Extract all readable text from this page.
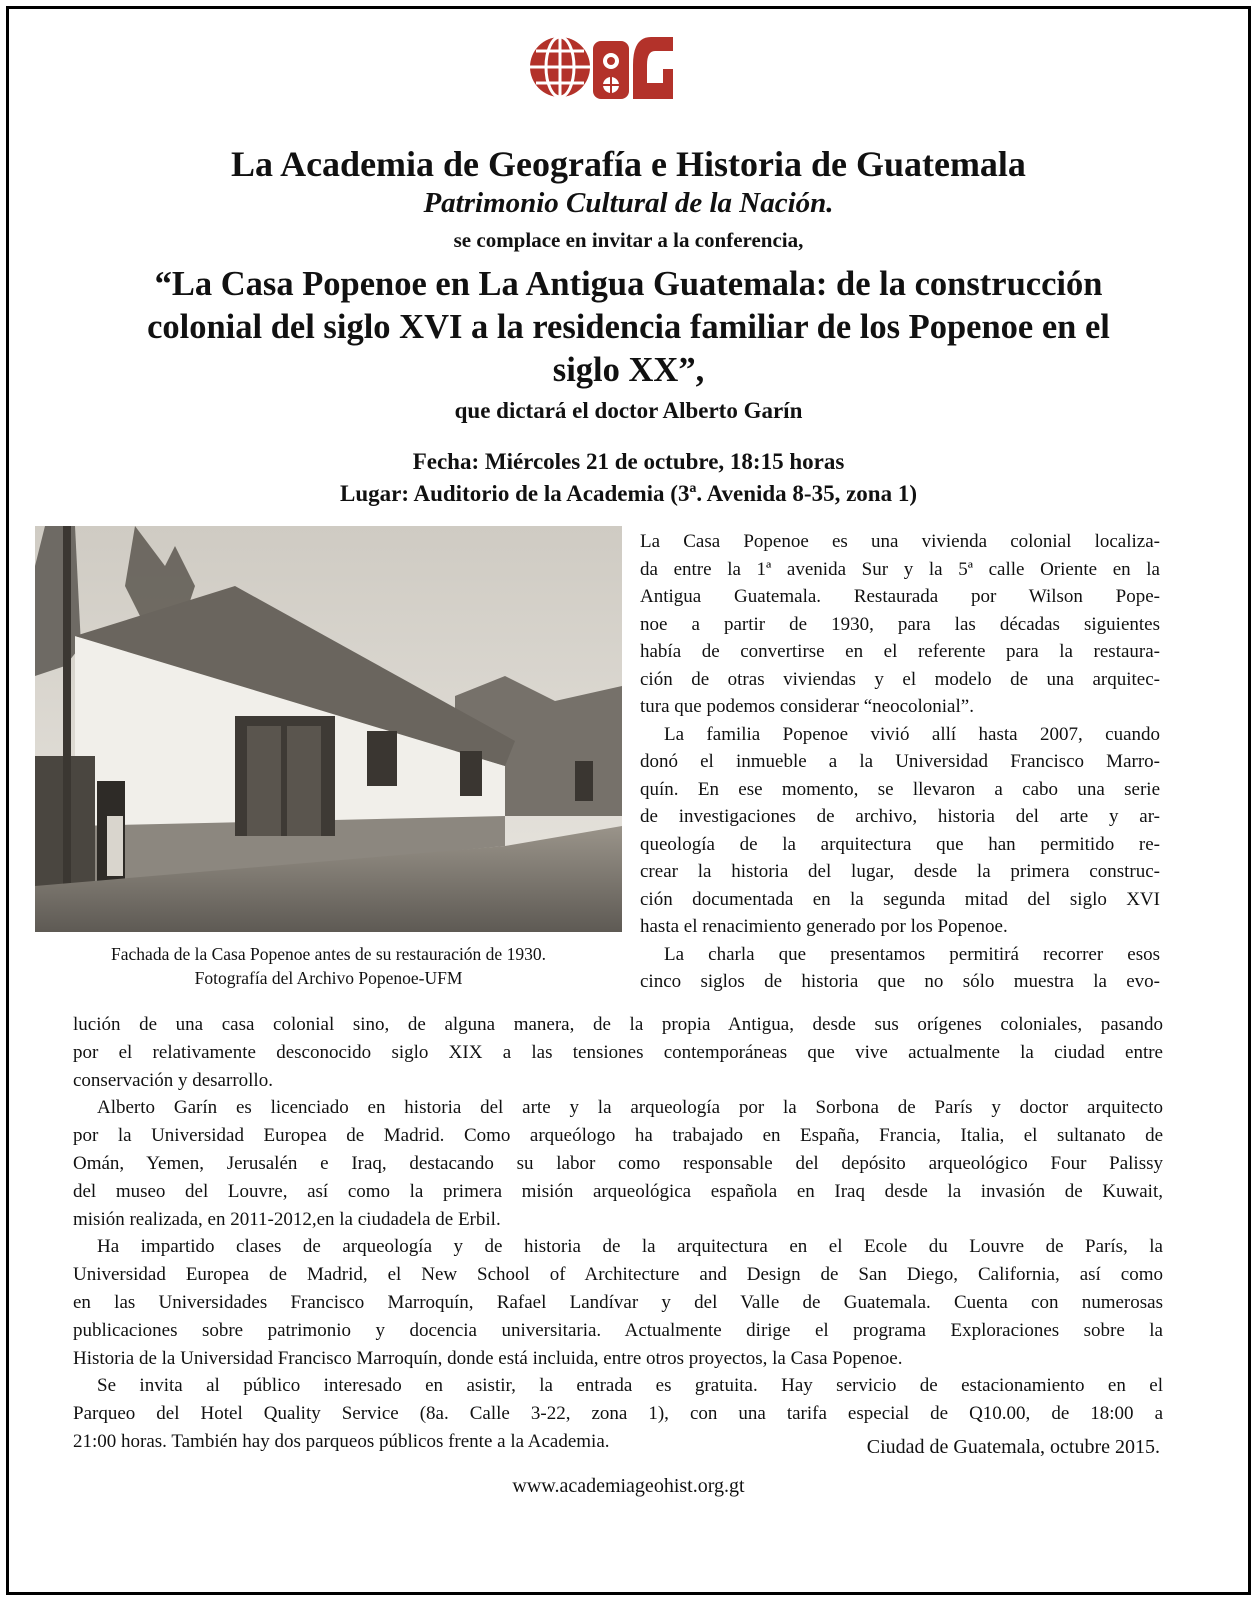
La Academia de Geografía e Historia de Guatemala
Patrimonio Cultural de la Nación.
se complace en invitar a la conferencia,
“La Casa Popenoe en La Antigua Guatemala: de la construcción
colonial del siglo XVI a la residencia familiar de los Popenoe en el
siglo XX”,
que dictará el doctor Alberto Garín
Fecha: Miércoles 21 de octubre, 18:15 horas
Lugar: Auditorio de la Academia (3ª. Avenida 8-35, zona 1)
Fachada de la Casa Popenoe antes de su restauración de 1930.
Fotografía del Archivo Popenoe-UFM

La Casa Popenoe es una vivienda colonial localiza-

da entre la 1ª avenida Sur y la 5ª calle Oriente en la

Antigua Guatemala. Restaurada por Wilson Pope-

noe a partir de 1930, para las décadas siguientes

había de convertirse en el referente para la restaura-

ción de otras viviendas y el modelo de una arquitec-

tura que podemos considerar “neocolonial”.

La familia Popenoe vivió allí hasta 2007, cuando

donó el inmueble a la Universidad Francisco Marro-

quín. En ese momento, se llevaron a cabo una serie

de investigaciones de archivo, historia del arte y ar-

queología de la arquitectura que han permitido re-

crear la historia del lugar, desde la primera construc-

ción documentada en la segunda mitad del siglo XVI

hasta el renacimiento generado por los Popenoe.

La charla que presentamos permitirá recorrer esos

cinco siglos de historia que no sólo muestra la evo-

lución de una casa colonial sino, de alguna manera, de la propia Antigua, desde sus orígenes coloniales, pasando

por el relativamente desconocido siglo XIX a las tensiones contemporáneas que vive actualmente la ciudad entre

conservación y desarrollo.

Alberto Garín es licenciado en historia del arte y la arqueología por la Sorbona de París y doctor arquitecto

por la Universidad Europea de Madrid. Como arqueólogo ha trabajado en España, Francia, Italia, el sultanato de

Omán, Yemen, Jerusalén e Iraq, destacando su labor como responsable del depósito arqueológico Four Palissy

del museo del Louvre, así como la primera misión arqueológica española en Iraq desde la invasión de Kuwait,

misión realizada, en 2011-2012,en la ciudadela de Erbil.

Ha impartido clases de arqueología y de historia de la arquitectura en el Ecole du Louvre de París, la

Universidad Europea de Madrid, el New School of Architecture and Design de San Diego, California, así como

en las Universidades Francisco Marroquín, Rafael Landívar y del Valle de Guatemala. Cuenta con numerosas

publicaciones sobre patrimonio y docencia universitaria. Actualmente dirige el programa Exploraciones sobre la

Historia de la Universidad Francisco Marroquín, donde está incluida, entre otros proyectos, la Casa Popenoe.

Se invita al público interesado en asistir, la entrada es gratuita. Hay servicio de estacionamiento en el

Parqueo del Hotel Quality Service (8a. Calle 3-22, zona 1), con una tarifa especial de Q10.00, de 18:00 a

21:00 horas. También hay dos parqueos públicos frente a la Academia.	Ciudad de Guatemala, octubre 2015.
www.academiageohist.org.gt
